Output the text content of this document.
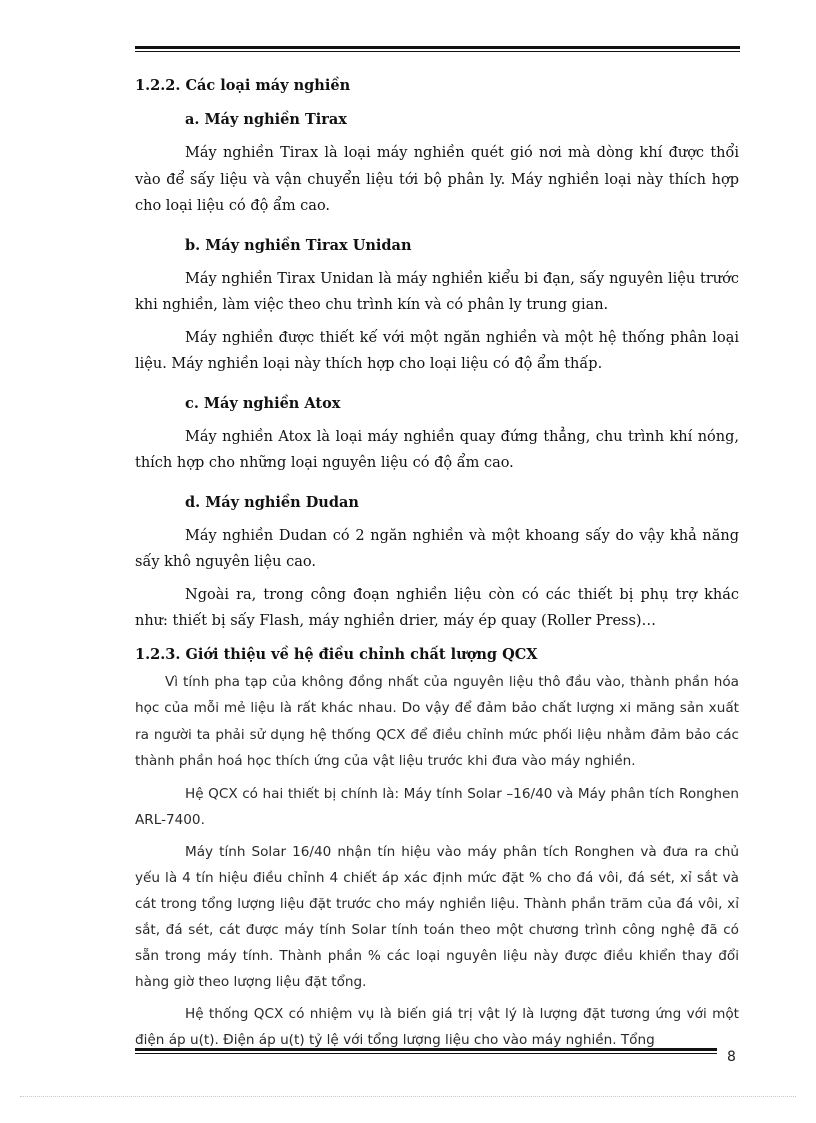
1.2.2. Các loại máy nghiền
a. Máy nghiền Tirax

Máy nghiền Tirax là loại máy nghiền quét gió nơi mà dòng khí được thổi vào để sấy liệu và vận chuyển liệu tới bộ phân ly. Máy nghiền loại này thích hợp cho loại liệu có độ ẩm cao.

b. Máy nghiền Tirax Unidan

Máy nghiền Tirax Unidan là máy nghiền kiểu bi đạn, sấy nguyên liệu trước khi nghiền, làm việc theo chu trình kín và có phân ly trung gian.

Máy nghiền được thiết kế với một ngăn nghiền và một hệ thống phân loại liệu. Máy nghiền loại này thích hợp cho loại liệu có độ ẩm thấp.

c. Máy nghiền Atox

Máy nghiền Atox là loại máy nghiền quay đứng thẳng, chu trình khí nóng, thích hợp cho những loại nguyên liệu có độ ẩm cao.

d. Máy nghiền Dudan

Máy nghiền Dudan có 2 ngăn nghiền và một khoang sấy do vậy khả năng sấy khô nguyên liệu cao.

Ngoài ra, trong công đoạn nghiền liệu còn có các thiết bị phụ trợ khác như: thiết bị sấy Flash, máy nghiền drier, máy ép quay (Roller Press)…

1.2.3. Giới thiệu về hệ điều chỉnh chất lượng QCX

Vì tính pha tạp của không đồng nhất của nguyên liệu thô đầu vào, thành phần hóa học của mỗi mẻ liệu là rất khác nhau. Do vậy để đảm bảo chất lượng xi măng sản xuất ra người ta phải sử dụng hệ thống QCX để điều chỉnh mức phối liệu nhằm đảm bảo các thành phần hoá học thích ứng của vật liệu trước khi đưa vào máy nghiền.

Hệ QCX có hai thiết bị chính là: Máy tính Solar –16/40 và Máy phân tích Ronghen ARL-7400.

Máy tính Solar 16/40 nhận tín hiệu vào máy phân tích Ronghen và đưa ra chủ yếu là 4 tín hiệu điều chỉnh 4 chiết áp xác định mức đặt % cho đá vôi, đá sét, xỉ sắt và cát trong tổng lượng liệu đặt trước cho máy nghiền liệu. Thành phần trăm của đá vôi, xỉ sắt, đá sét, cát được máy tính Solar tính toán theo một chương trình công nghệ đã có sẵn trong máy tính. Thành phần % các loại nguyên liệu này được điều khiển thay đổi hàng giờ theo lượng liệu đặt tổng.

Hệ thống QCX có nhiệm vụ là biến giá trị vật lý là lượng đặt tương ứng với một điện áp u(t). Điện áp u(t) tỷ lệ với tổng lượng liệu cho vào máy nghiền. Tổng

8
